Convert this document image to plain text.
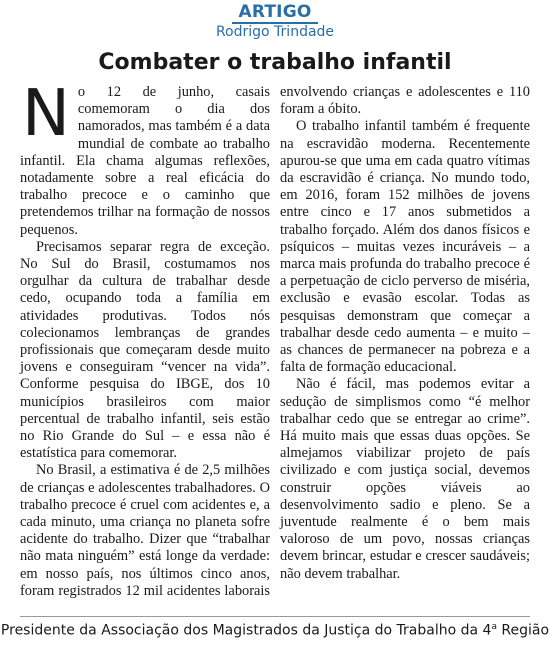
ARTIGO
Rodrigo Trindade
Combater o trabalho infantil

No 12 de junho, casais comemoram o dia dos namorados, mas também é a data mundial de combate ao trabalho infantil. Ela chama algumas reflexões, notadamente sobre a real eficácia do trabalho precoce e o caminho que pretendemos trilhar na formação de nossos pequenos.

Precisamos separar regra de exceção. No Sul do Brasil, costumamos nos orgulhar da cultura de trabalhar desde cedo, ocupando toda a família em atividades produtivas. Todos nós colecionamos lembranças de grandes profissionais que começaram desde muito jovens e conseguiram “vencer na vida”. Conforme pesquisa do IBGE, dos 10 municípios brasileiros com maior percentual de trabalho infantil, seis estão no Rio Grande do Sul – e essa não é estatística para comemorar.

No Brasil, a estimativa é de 2,5 milhões de crianças e adolescentes trabalhadores. O trabalho precoce é cruel com acidentes e, a cada minuto, uma criança no planeta sofre acidente do trabalho. Dizer que “trabalhar não mata ninguém” está longe da verdade: em nosso país, nos últimos cinco anos, foram registrados 12 mil acidentes laborais envolvendo crianças e adolescentes e 110 foram a óbito.

O trabalho infantil também é frequente na escravidão moderna. Recentemente apurou-se que uma em cada quatro vítimas da escravidão é criança. No mundo todo, em 2016, foram 152 milhões de jovens entre cinco e 17 anos submetidos a trabalho forçado. Além dos danos físicos e psíquicos – muitas vezes incuráveis – a marca mais profunda do trabalho precoce é a perpetuação de ciclo perverso de miséria, exclusão e evasão escolar. Todas as pesquisas demonstram que começar a trabalhar desde cedo aumenta – e muito – as chances de permanecer na pobreza e a falta de formação educacional.

Não é fácil, mas podemos evitar a sedução de simplismos como “é melhor trabalhar cedo que se entregar ao crime”. Há muito mais que essas duas opções. Se almejamos viabilizar projeto de país civilizado e com justiça social, devemos construir opções viáveis ao desenvolvimento sadio e pleno. Se a juventude realmente é o bem mais valoroso de um povo, nossas crianças devem brincar, estudar e crescer saudáveis; não devem trabalhar.

Presidente da Associação dos Magistrados da Justiça do Trabalho da 4$^a$ Região
